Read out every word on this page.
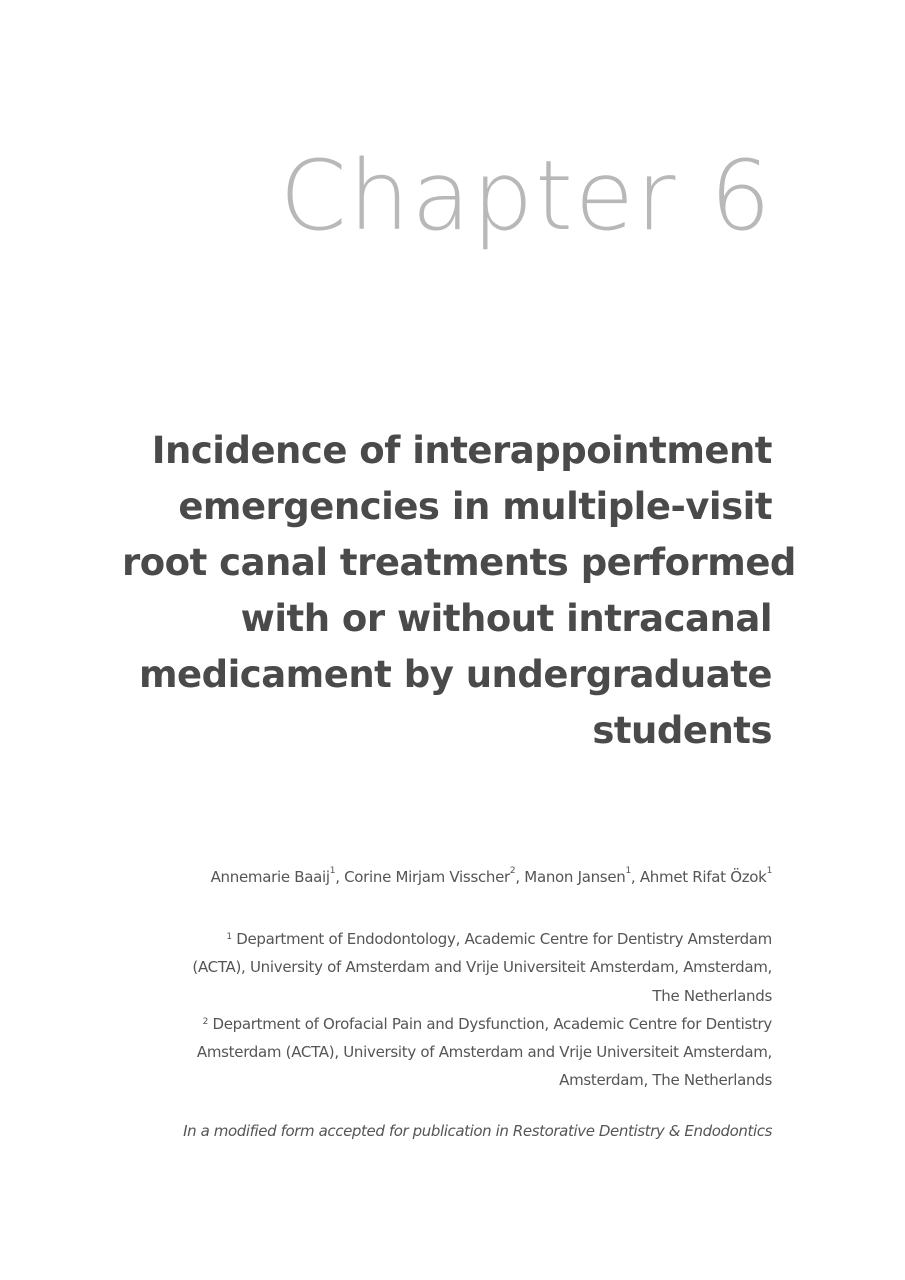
Chapter 6
Incidence of interappointment
emergencies in multiple-visit
root canal treatments performed
with or without intracanal
medicament by undergraduate
students
Annemarie Baaij$^1$, Corine Mirjam Visscher$^2$, Manon Jansen$^1$, Ahmet Rifat Özok$^1$
$^1$ Department of Endodontology, Academic Centre for Dentistry Amsterdam
(ACTA), University of Amsterdam and Vrije Universiteit Amsterdam, Amsterdam,
The Netherlands
$^2$ Department of Orofacial Pain and Dysfunction, Academic Centre for Dentistry
Amsterdam (ACTA), University of Amsterdam and Vrije Universiteit Amsterdam,
Amsterdam, The Netherlands
In a modified form accepted for publication in Restorative Dentistry & Endodontics
